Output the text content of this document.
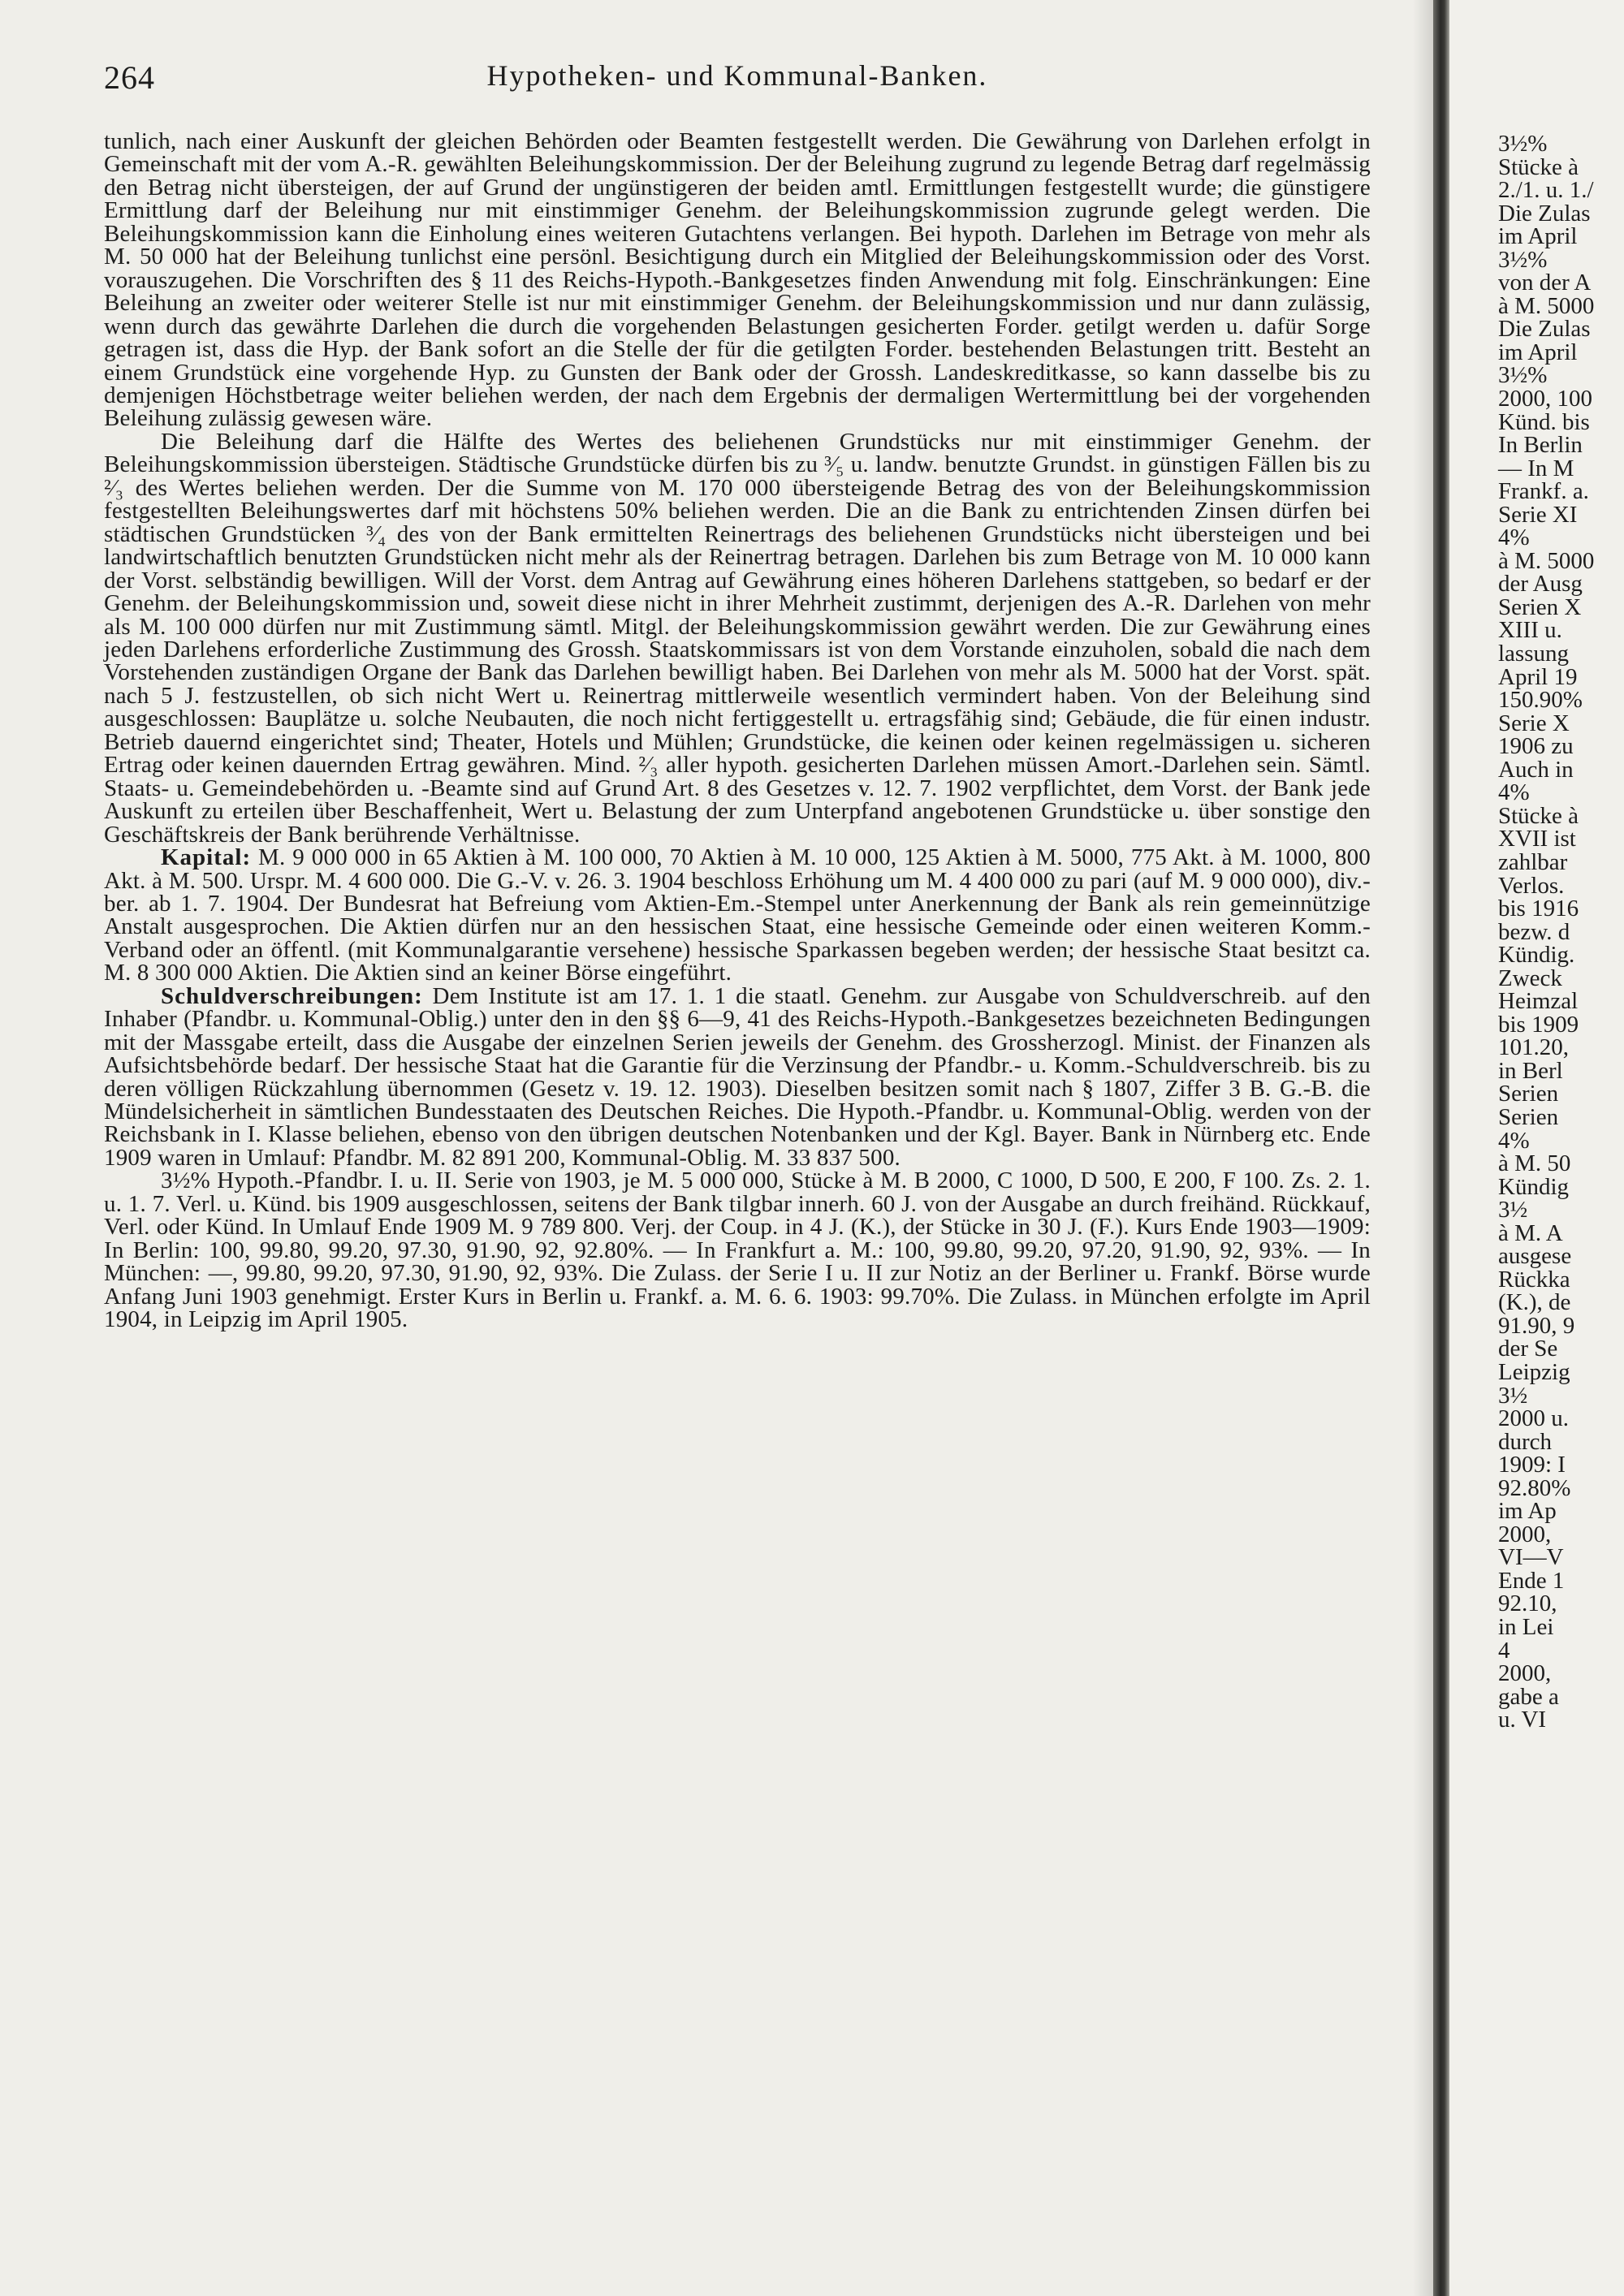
264	Hypotheken- und Kommunal-Banken.

tunlich, nach einer Auskunft der gleichen Behörden oder Beamten festgestellt werden. Die Gewährung von Darlehen erfolgt in Gemeinschaft mit der vom A.-R. gewählten Beleihungskommission. Der der Beleihung zugrund zu legende Betrag darf regelmässig den Betrag nicht übersteigen, der auf Grund der ungünstigeren der beiden amtl. Ermittlungen festgestellt wurde; die günstigere Ermittlung darf der Beleihung nur mit einstimmiger Genehm. der Beleihungskommission zugrunde gelegt werden. Die Beleihungskommission kann die Einholung eines weiteren Gutachtens verlangen. Bei hypoth. Darlehen im Betrage von mehr als M. 50 000 hat der Beleihung tunlichst eine persönl. Besichtigung durch ein Mitglied der Beleihungskommission oder des Vorst. vorauszugehen. Die Vorschriften des § 11 des Reichs-Hypoth.-Bankgesetzes finden Anwendung mit folg. Einschränkungen: Eine Beleihung an zweiter oder weiterer Stelle ist nur mit einstimmiger Genehm. der Beleihungskommission und nur dann zulässig, wenn durch das gewährte Darlehen die durch die vorgehenden Belastungen gesicherten Forder. getilgt werden u. dafür Sorge getragen ist, dass die Hyp. der Bank sofort an die Stelle der für die getilgten Forder. bestehenden Belastungen tritt. Besteht an einem Grundstück eine vorgehende Hyp. zu Gunsten der Bank oder der Grossh. Landeskreditkasse, so kann dasselbe bis zu demjenigen Höchstbetrage weiter beliehen werden, der nach dem Ergebnis der dermaligen Wertermittlung bei der vorgehenden Beleihung zulässig gewesen wäre.

Die Beleihung darf die Hälfte des Wertes des beliehenen Grundstücks nur mit einstimmiger Genehm. der Beleihungskommission übersteigen. Städtische Grundstücke dürfen bis zu ³⁄₅ u. landw. benutzte Grundst. in günstigen Fällen bis zu ²⁄₃ des Wertes beliehen werden. Der die Summe von M. 170 000 übersteigende Betrag des von der Beleihungskommission festgestellten Beleihungswertes darf mit höchstens 50% beliehen werden. Die an die Bank zu entrichtenden Zinsen dürfen bei städtischen Grundstücken ³⁄₄ des von der Bank ermittelten Reinertrags des beliehenen Grundstücks nicht übersteigen und bei landwirtschaftlich benutzten Grundstücken nicht mehr als der Reinertrag betragen. Darlehen bis zum Betrage von M. 10 000 kann der Vorst. selbständig bewilligen. Will der Vorst. dem Antrag auf Gewährung eines höheren Darlehens stattgeben, so bedarf er der Genehm. der Beleihungskommission und, soweit diese nicht in ihrer Mehrheit zustimmt, derjenigen des A.-R. Darlehen von mehr als M. 100 000 dürfen nur mit Zustimmung sämtl. Mitgl. der Beleihungskommission gewährt werden. Die zur Gewährung eines jeden Darlehens erforderliche Zustimmung des Grossh. Staatskommissars ist von dem Vorstande einzuholen, sobald die nach dem Vorstehenden zuständigen Organe der Bank das Darlehen bewilligt haben. Bei Darlehen von mehr als M. 5000 hat der Vorst. spät. nach 5 J. festzustellen, ob sich nicht Wert u. Reinertrag mittlerweile wesentlich vermindert haben. Von der Beleihung sind ausgeschlossen: Bauplätze u. solche Neubauten, die noch nicht fertiggestellt u. ertragsfähig sind; Gebäude, die für einen industr. Betrieb dauernd eingerichtet sind; Theater, Hotels und Mühlen; Grundstücke, die keinen oder keinen regelmässigen u. sicheren Ertrag oder keinen dauernden Ertrag gewähren. Mind. ²⁄₃ aller hypoth. gesicherten Darlehen müssen Amort.-Darlehen sein. Sämtl. Staats- u. Gemeindebehörden u. -Beamte sind auf Grund Art. 8 des Gesetzes v. 12. 7. 1902 verpflichtet, dem Vorst. der Bank jede Auskunft zu erteilen über Beschaffenheit, Wert u. Belastung der zum Unterpfand angebotenen Grundstücke u. über sonstige den Geschäftskreis der Bank berührende Verhältnisse.

Kapital: M. 9 000 000 in 65 Aktien à M. 100 000, 70 Aktien à M. 10 000, 125 Aktien à M. 5000, 775 Akt. à M. 1000, 800 Akt. à M. 500. Urspr. M. 4 600 000. Die G.-V. v. 26. 3. 1904 beschloss Erhöhung um M. 4 400 000 zu pari (auf M. 9 000 000), div.-ber. ab 1. 7. 1904. Der Bundesrat hat Befreiung vom Aktien-Em.-Stempel unter Anerkennung der Bank als rein gemeinnützige Anstalt ausgesprochen. Die Aktien dürfen nur an den hessischen Staat, eine hessische Gemeinde oder einen weiteren Komm.-Verband oder an öffentl. (mit Kommunalgarantie versehene) hessische Sparkassen begeben werden; der hessische Staat besitzt ca. M. 8 300 000 Aktien. Die Aktien sind an keiner Börse eingeführt.

Schuldverschreibungen: Dem Institute ist am 17. 1. 1 die staatl. Genehm. zur Ausgabe von Schuldverschreib. auf den Inhaber (Pfandbr. u. Kommunal-Oblig.) unter den in den §§ 6—9, 41 des Reichs-Hypoth.-Bankgesetzes bezeichneten Bedingungen mit der Massgabe erteilt, dass die Ausgabe der einzelnen Serien jeweils der Genehm. des Grossherzogl. Minist. der Finanzen als Aufsichtsbehörde bedarf. Der hessische Staat hat die Garantie für die Verzinsung der Pfandbr.- u. Komm.-Schuldverschreib. bis zu deren völligen Rückzahlung übernommen (Gesetz v. 19. 12. 1903). Dieselben besitzen somit nach § 1807, Ziffer 3 B. G.-B. die Mündelsicherheit in sämtlichen Bundesstaaten des Deutschen Reiches. Die Hypoth.-Pfandbr. u. Kommunal-Oblig. werden von der Reichsbank in I. Klasse beliehen, ebenso von den übrigen deutschen Notenbanken und der Kgl. Bayer. Bank in Nürnberg etc. Ende 1909 waren in Umlauf: Pfandbr. M. 82 891 200, Kommunal-Oblig. M. 33 837 500.

3½% Hypoth.-Pfandbr. I. u. II. Serie von 1903, je M. 5 000 000, Stücke à M. B 2000, C 1000, D 500, E 200, F 100. Zs. 2. 1. u. 1. 7. Verl. u. Künd. bis 1909 ausgeschlossen, seitens der Bank tilgbar innerh. 60 J. von der Ausgabe an durch freihänd. Rückkauf, Verl. oder Künd. In Umlauf Ende 1909 M. 9 789 800. Verj. der Coup. in 4 J. (K.), der Stücke in 30 J. (F.). Kurs Ende 1903—1909: In Berlin: 100, 99.80, 99.20, 97.30, 91.90, 92, 92.80%. — In Frankfurt a. M.: 100, 99.80, 99.20, 97.20, 91.90, 92, 93%. — In München: —, 99.80, 99.20, 97.30, 91.90, 92, 93%. Die Zulass. der Serie I u. II zur Notiz an der Berliner u. Frankf. Börse wurde Anfang Juni 1903 genehmigt. Erster Kurs in Berlin u. Frankf. a. M. 6. 6. 1903: 99.70%. Die Zulass. in München erfolgte im April 1904, in Leipzig im April 1905.

3½%
Stücke à
2./1. u. 1./
Die Zulas
im April
3½%
von der A
à M. 5000
Die Zulas
im April
3½%
2000, 100
Künd. bis
In Berlin
— In M
Frankf. a.
Serie XI
4%
à M. 5000
der Ausg
Serien X
XIII u.
lassung
April 19
150.90%
Serie X
1906 zu
Auch in
4%
Stücke à
XVII ist
zahlbar
Verlos.
bis 1916
bezw. d
Kündig.
Zweck
Heimzal
bis 1909
101.20,
in Berl
Serien
Serien
4%
à M. 50
Kündig
3½
à M. A
ausgese
Rückka
(K.), de
91.90, 9
der Se
Leipzig
3½
2000 u.
durch
1909: I
92.80%
im Ap
2000,
VI—V
Ende 1
92.10,
in Lei
4
2000,
gabe a
u. VI
